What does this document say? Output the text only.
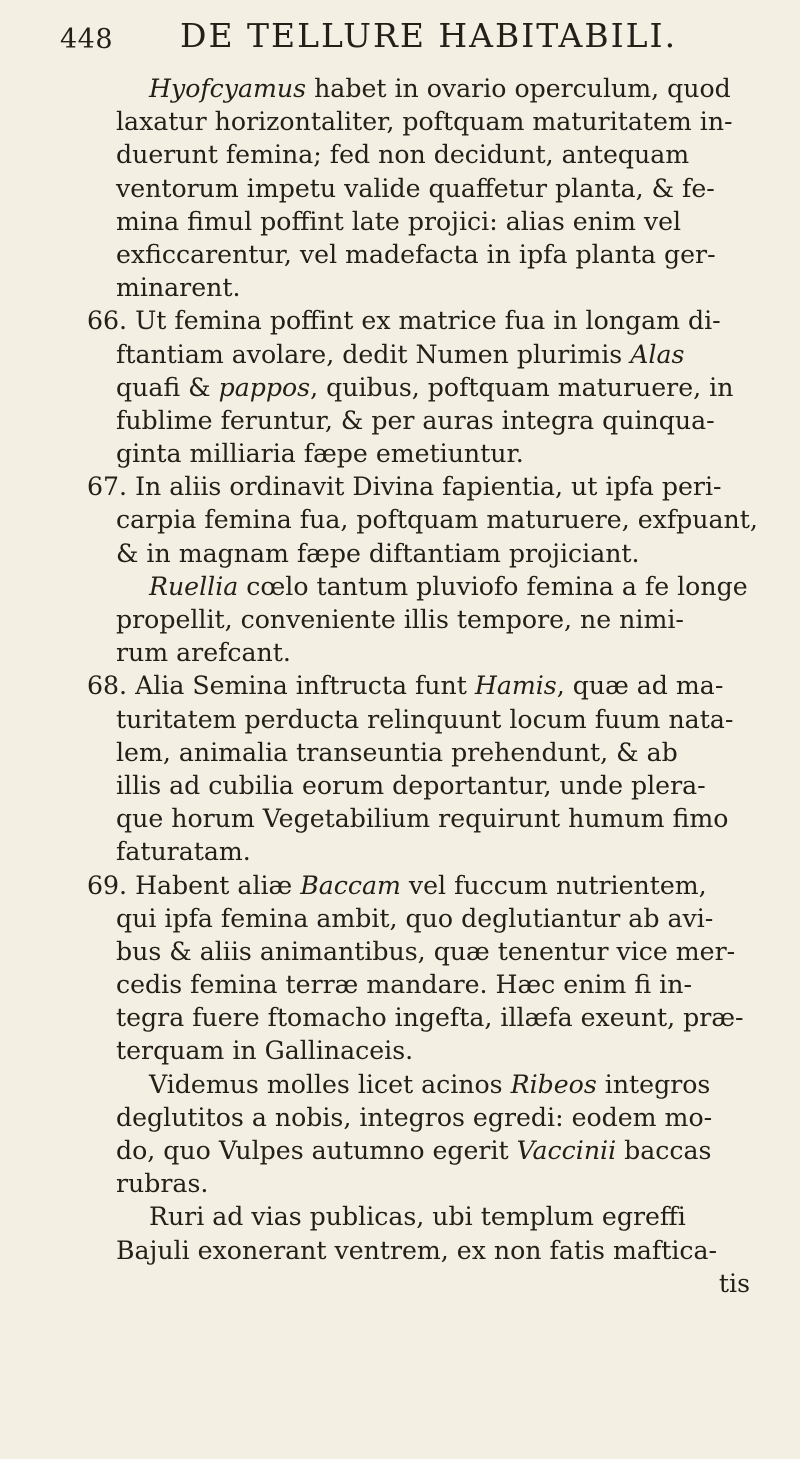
448 DE TELLURE HABITABILI.
Hyofcyamus habet in ovario operculum, quod
laxatur horizontaliter, poftquam maturitatem in-
duerunt femina; fed non decidunt, antequam
ventorum impetu valide quaffetur planta, & fe-
mina fimul poffint late projici: alias enim vel
exficcarentur, vel madefacta in ipfa planta ger-
minarent.
66. Ut femina poffint ex matrice fua in longam di-
ftantiam avolare, dedit Numen plurimis Alas
quafi & pappos, quibus, poftquam maturuere, in
fublime feruntur, & per auras integra quinqua-
ginta milliaria fæpe emetiuntur.
67. In aliis ordinavit Divina fapientia, ut ipfa peri-
carpia femina fua, poftquam maturuere, exfpuant,
& in magnam fæpe diftantiam projiciant.
Ruellia cœlo tantum pluviofo femina a fe longe
propellit, conveniente illis tempore, ne nimi-
rum arefcant.
68. Alia Semina inftructa funt Hamis, quæ ad ma-
turitatem perducta relinquunt locum fuum nata-
lem, animalia transeuntia prehendunt, & ab
illis ad cubilia eorum deportantur, unde plera-
que horum Vegetabilium requirunt humum fimo
faturatam.
69. Habent aliæ Baccam vel fuccum nutrientem,
qui ipfa femina ambit, quo deglutiantur ab avi-
bus & aliis animantibus, quæ tenentur vice mer-
cedis femina terræ mandare. Hæc enim fi in-
tegra fuere ftomacho ingefta, illæfa exeunt, præ-
terquam in Gallinaceis.
Videmus molles licet acinos Ribeos integros
deglutitos a nobis, integros egredi: eodem mo-
do, quo Vulpes autumno egerit Vaccinii baccas
rubras.
Ruri ad vias publicas, ubi templum egreffi
Bajuli exonerant ventrem, ex non fatis maftica-
tis
